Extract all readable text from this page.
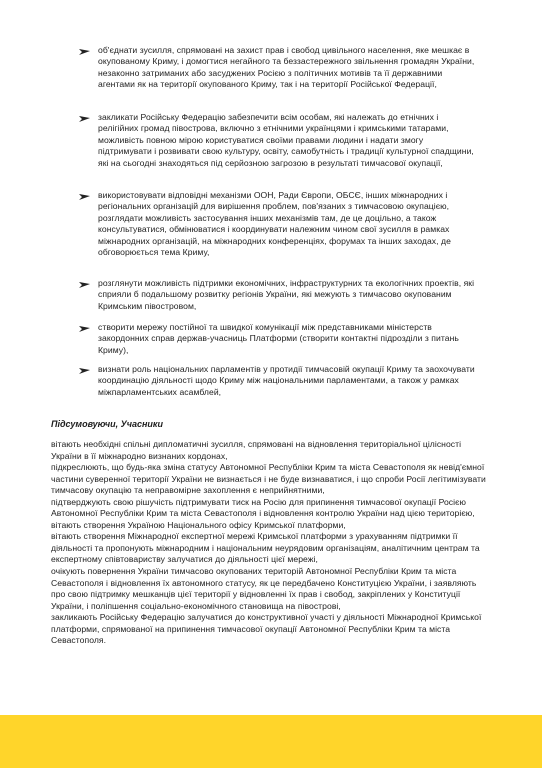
об'єднати зусилля, спрямовані на захист прав і свобод цивільного населення, яке мешкає в окупованому Криму, і домогтися негайного та беззастережного звільнення громадян України, незаконно затриманих або засуджених Росією з політичних мотивів та її державними агентами як на території окупованого Криму, так і на території Російської Федерації,
закликати Російську Федерацію забезпечити всім особам, які належать до етнічних і релігійних громад півострова, включно з етнічними українцями і кримськими татарами, можливість повною мірою користуватися своїми правами людини і надати змогу підтримувати і розвивати свою культуру, освіту, самобутність і традиції культурної спадщини, які на сьогодні знаходяться під серйозною загрозою в результаті тимчасової окупації,
використовувати відповідні механізми ООН, Ради Європи, ОБСЄ, інших міжнародних і регіональних організацій для вирішення проблем, пов'язаних з тимчасовою окупацією, розглядати можливість застосування інших механізмів там, де це доцільно, а також консультуватися, обмінюватися і координувати належним чином свої зусилля в рамках міжнародних організацій, на міжнародних конференціях, форумах та інших заходах, де обговорюється тема Криму,
розглянути можливість підтримки економічних, інфраструктурних та екологічних проектів, які сприяли б подальшому розвитку регіонів України, які межують з тимчасово окупованим Кримським півостровом,
створити мережу постійної та швидкої комунікації між представниками міністерств закордонних справ держав-учасниць Платформи (створити контактні підрозділи з питань Криму),
визнати роль національних парламентів у протидії тимчасовій окупації Криму та заохочувати координацію діяльності щодо Криму між національними парламентами, а також у рамках міжпарламентських асамблей,
Підсумовуючи, Учасники
вітають необхідні спільні дипломатичні зусилля, спрямовані на відновлення територіальної цілісності України в її міжнародно визнаних кордонах,
підкреслюють, що будь-яка зміна статусу Автономної Республіки Крим та міста Севастополя як невід'ємної частини суверенної території України не визнається і не буде визнаватися, і що спроби Росії легітимізувати тимчасову окупацію та неправомірне захоплення є неприйнятними,
підтверджують свою рішучість підтримувати тиск на Росію для припинення тимчасової окупації Росією Автономної Республіки Крим та міста Севастополя і відновлення контролю України над цією територією,
вітають створення Україною Національного офісу Кримської платформи,
вітають створення Міжнародної експертної мережі Кримської платформи з урахуванням підтримки її діяльності та пропонують міжнародним і національним неурядовим організаціям, аналітичним центрам та експертному співтовариству залучатися до діяльності цієї мережі,
очікують повернення України тимчасово окупованих територій Автономної Республіки Крим та міста Севастополя і відновлення їх автономного статусу, як це передбачено Конституцією України, і заявляють про свою підтримку мешканців цієї території у відновленні їх прав і свобод, закріплених у Конституції України, і поліпшення соціально-економічного становища на півострові,
закликають Російську Федерацію залучатися до конструктивної участі у діяльності Міжнародної Кримської платформи, спрямованої на припинення тимчасової окупації Автономної Республіки Крим та міста Севастополя.
